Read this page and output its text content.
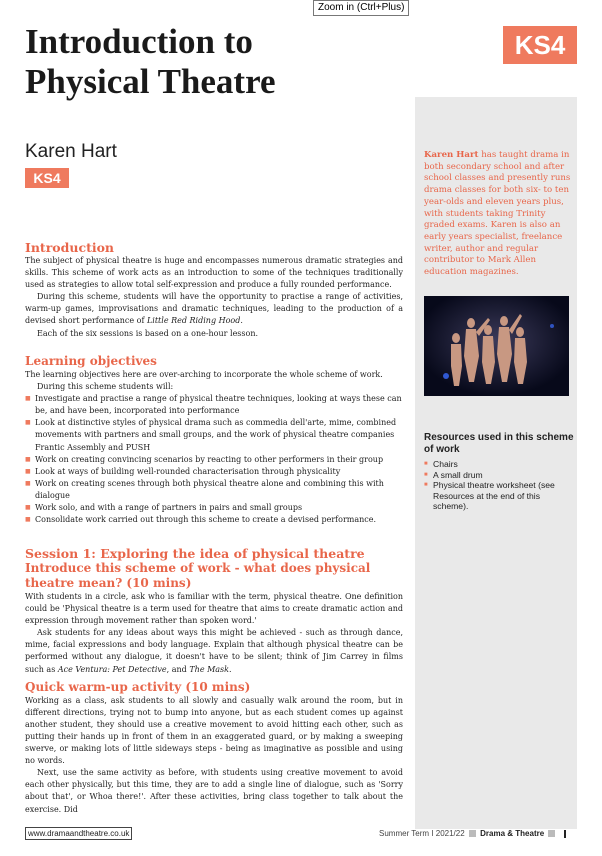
Zoom in (Ctrl+Plus)
Introduction to
Physical Theatre
KS4
Karen Hart
KS4

Karen Hart has taught drama in both secondary school and after school classes and presently runs drama classes for both six- to ten year-olds and eleven years plus, with students taking Trinity graded exams. Karen is also an early years specialist, freelance writer, author and regular contributor to Mark Allen education magazines.

Resources used in this scheme of work
■ Chairs
■ A small drum
■ Physical theatre worksheet (see Resources at the end of this scheme).
Introduction

The subject of physical theatre is huge and encompasses numerous dramatic strategies and skills. This scheme of work acts as an introduction to some of the techniques traditionally used as strategies to allow total self-expression and produce a fully rounded performance.

During this scheme, students will have the opportunity to practise a range of activities, warm-up games, improvisations and dramatic techniques, leading to the production of a devised short performance of Little Red Riding Hood.

Each of the six sessions is based on a one-hour lesson.

Learning objectives

The learning objectives here are over-arching to incorporate the whole scheme of work.

During this scheme students will:

■ Investigate and practise a range of physical theatre techniques, looking at ways these can be, and have been, incorporated into performance
■ Look at distinctive styles of physical drama such as commedia dell'arte, mime, combined movements with partners and small groups, and the work of physical theatre companies Frantic Assembly and PUSH
■ Work on creating convincing scenarios by reacting to other performers in their group
■ Look at ways of building well-rounded characterisation through physicality
■ Work on creating scenes through both physical theatre alone and combining this with dialogue
■ Work solo, and with a range of partners in pairs and small groups
■ Consolidate work carried out through this scheme to create a devised performance.
Session 1: Exploring the idea of physical theatre
Introduce this scheme of work - what does physical theatre mean? (10 mins)

With students in a circle, ask who is familiar with the term, physical theatre. One definition could be 'Physical theatre is a term used for theatre that aims to create dramatic action and expression through movement rather than spoken word.'

Ask students for any ideas about ways this might be achieved - such as through dance, mime, facial expressions and body language. Explain that although physical theatre can be performed without any dialogue, it doesn't have to be silent; think of Jim Carrey in films such as Ace Ventura: Pet Detective, and The Mask.

Quick warm-up activity (10 mins)

Working as a class, ask students to all slowly and casually walk around the room, but in different directions, trying not to bump into anyone, but as each student comes up against another student, they should use a creative movement to avoid hitting each other, such as putting their hands up in front of them in an exaggerated guard, or by making a sweeping swerve, or making lots of little sideways steps - being as imaginative as possible and using no words.

Next, use the same activity as before, with students using creative movement to avoid each other physically, but this time, they are to add a single line of dialogue, such as 'Sorry about that', or Whoa there!'. After these activities, bring class together to talk about the exercise. Did

www.dramaandtheatre.co.uk	Summer Term I 2021/22 Drama & Theatre
